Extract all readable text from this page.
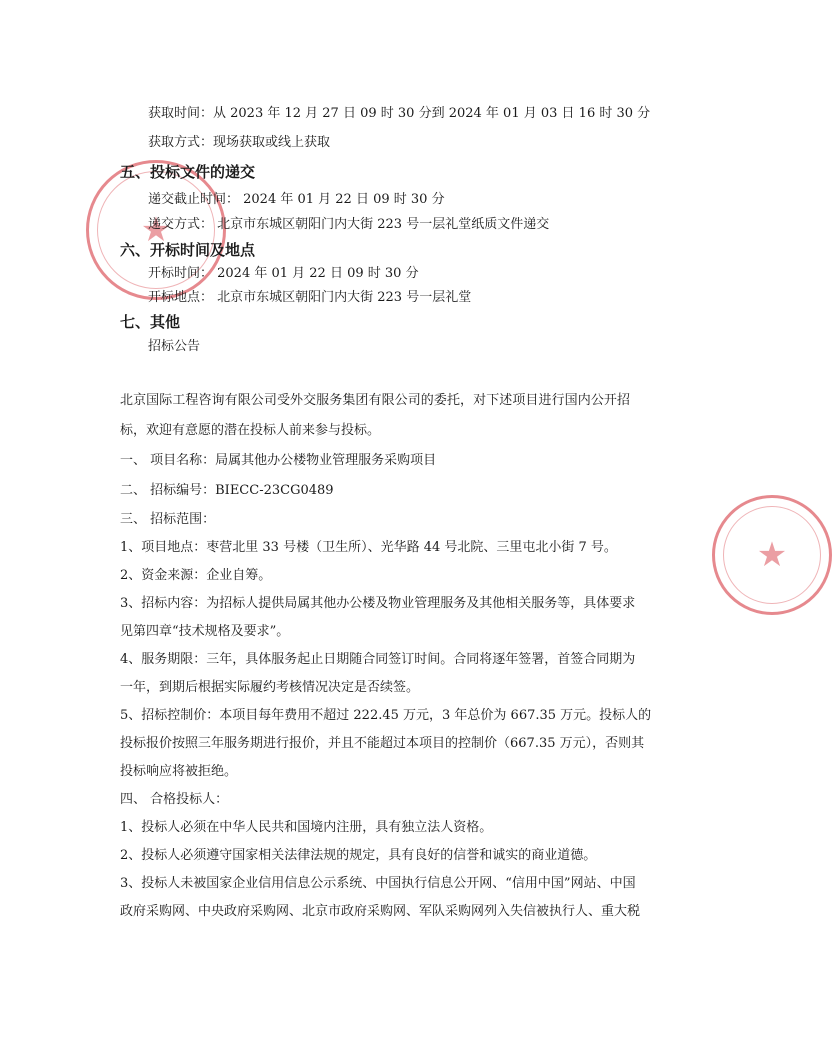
★
★
获取时间：从 2023 年 12 月 27 日 09 时 30 分到 2024 年 01 月 03 日 16 时 30 分
获取方式：现场获取或线上获取
五、投标文件的递交
递交截止时间： 2024 年 01 月 22 日 09 时 30 分
递交方式： 北京市东城区朝阳门内大街 223 号一层礼堂纸质文件递交
六、开标时间及地点
开标时间： 2024 年 01 月 22 日 09 时 30 分
开标地点： 北京市东城区朝阳门内大街 223 号一层礼堂
七、其他
招标公告
北京国际工程咨询有限公司受外交服务集团有限公司的委托，对下述项目进行国内公开招
标，欢迎有意愿的潜在投标人前来参与投标。
一、 项目名称：局属其他办公楼物业管理服务采购项目
二、 招标编号：BIECC-23CG0489
三、 招标范围：
1、项目地点：枣营北里 33 号楼（卫生所）、光华路 44 号北院、三里屯北小街 7 号。
2、资金来源：企业自筹。
3、招标内容：为招标人提供局属其他办公楼及物业管理服务及其他相关服务等，具体要求
见第四章“技术规格及要求”。
4、服务期限：三年，具体服务起止日期随合同签订时间。合同将逐年签署，首签合同期为
一年，到期后根据实际履约考核情况决定是否续签。
5、招标控制价：本项目每年费用不超过 222.45 万元，3 年总价为 667.35 万元。投标人的
投标报价按照三年服务期进行报价，并且不能超过本项目的控制价（667.35 万元），否则其
投标响应将被拒绝。
四、 合格投标人：
1、投标人必须在中华人民共和国境内注册，具有独立法人资格。
2、投标人必须遵守国家相关法律法规的规定，具有良好的信誉和诚实的商业道德。
3、投标人未被国家企业信用信息公示系统、中国执行信息公开网、“信用中国”网站、中国
政府采购网、中央政府采购网、北京市政府采购网、军队采购网列入失信被执行人、重大税
